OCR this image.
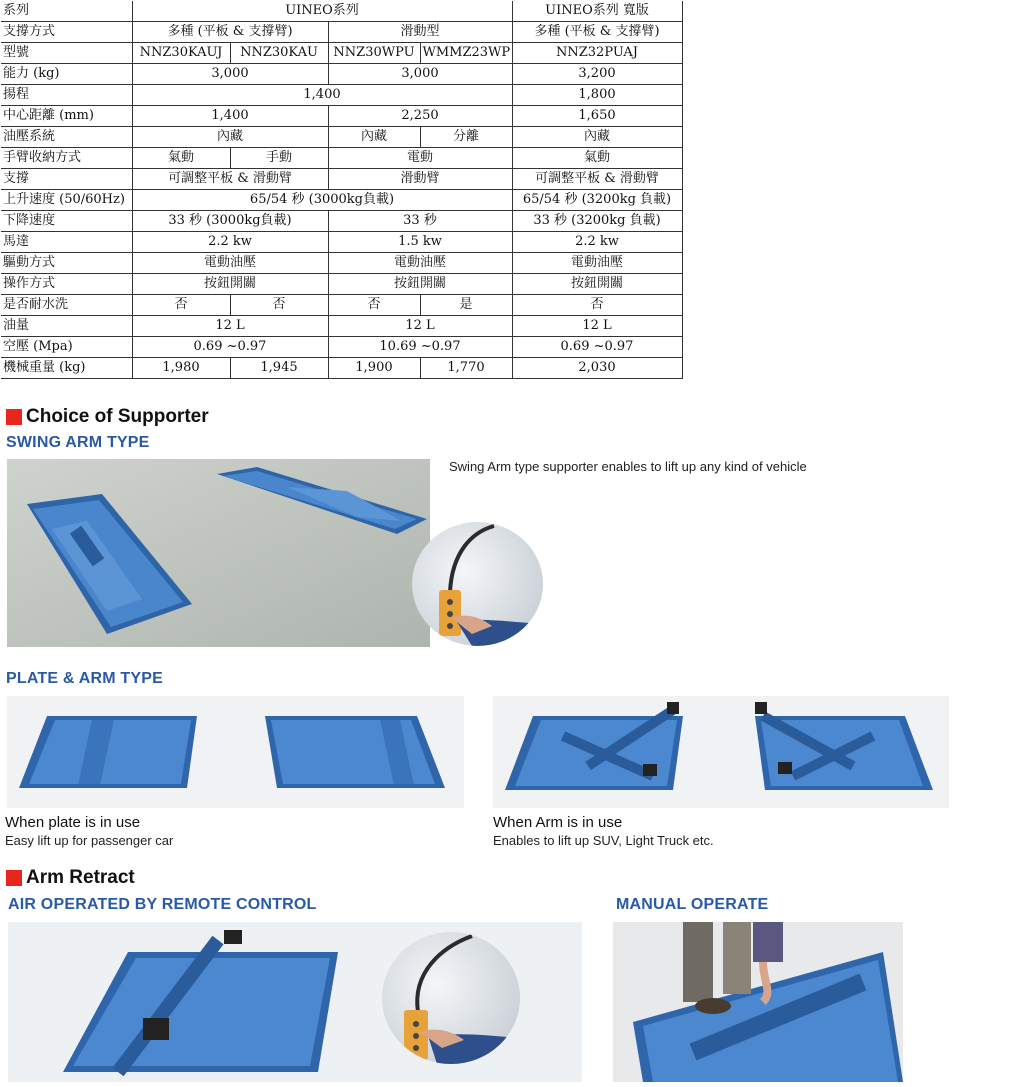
系列	UINEO系列				UINEO系列 寬版
支撐方式	多種 (平板 & 支撐臂)		滑動型		多種 (平板 & 支撐臂)
型號	NNZ30KAUJ	NNZ30KAU	NNZ30WPU	WMMZ23WP	NNZ32PUAJ
能力 (kg)	3,000		3,000		3,200
揚程	1,400				1,800
中心距離 (mm)	1,400		2,250		1,650
油壓系統	內藏		內藏	分離	內藏
手臂收納方式	氣動	手動	電動		氣動
支撐	可調整平板 & 滑動臂		滑動臂		可調整平板 & 滑動臂
上升速度 (50/60Hz)	65/54 秒 (3000kg負載)				65/54 秒 (3200kg 負載)
下降速度	33 秒 (3000kg負載)		33 秒		33 秒 (3200kg 負載)
馬達	2.2 kw		1.5 kw		2.2 kw
驅動方式	電動油壓		電動油壓		電動油壓
操作方式	按鈕開關		按鈕開關		按鈕開關
是否耐水洗	否	否	否	是	否
油量	12 L		12 L		12 L
空壓 (Mpa)	0.69 ~0.97		10.69 ~0.97		0.69 ~0.97
機械重量 (kg)	1,980	1,945	1,900	1,770	2,030
Choice of Supporter
SWING ARM TYPE
Swing Arm type supporter enables to lift up any kind of vehicle
PLATE & ARM TYPE
When plate is in use
Easy lift up for passenger car
When Arm is in use
Enables to lift up SUV, Light Truck etc.
Arm Retract
AIR OPERATED BY REMOTE CONTROL	MANUAL OPERATE
